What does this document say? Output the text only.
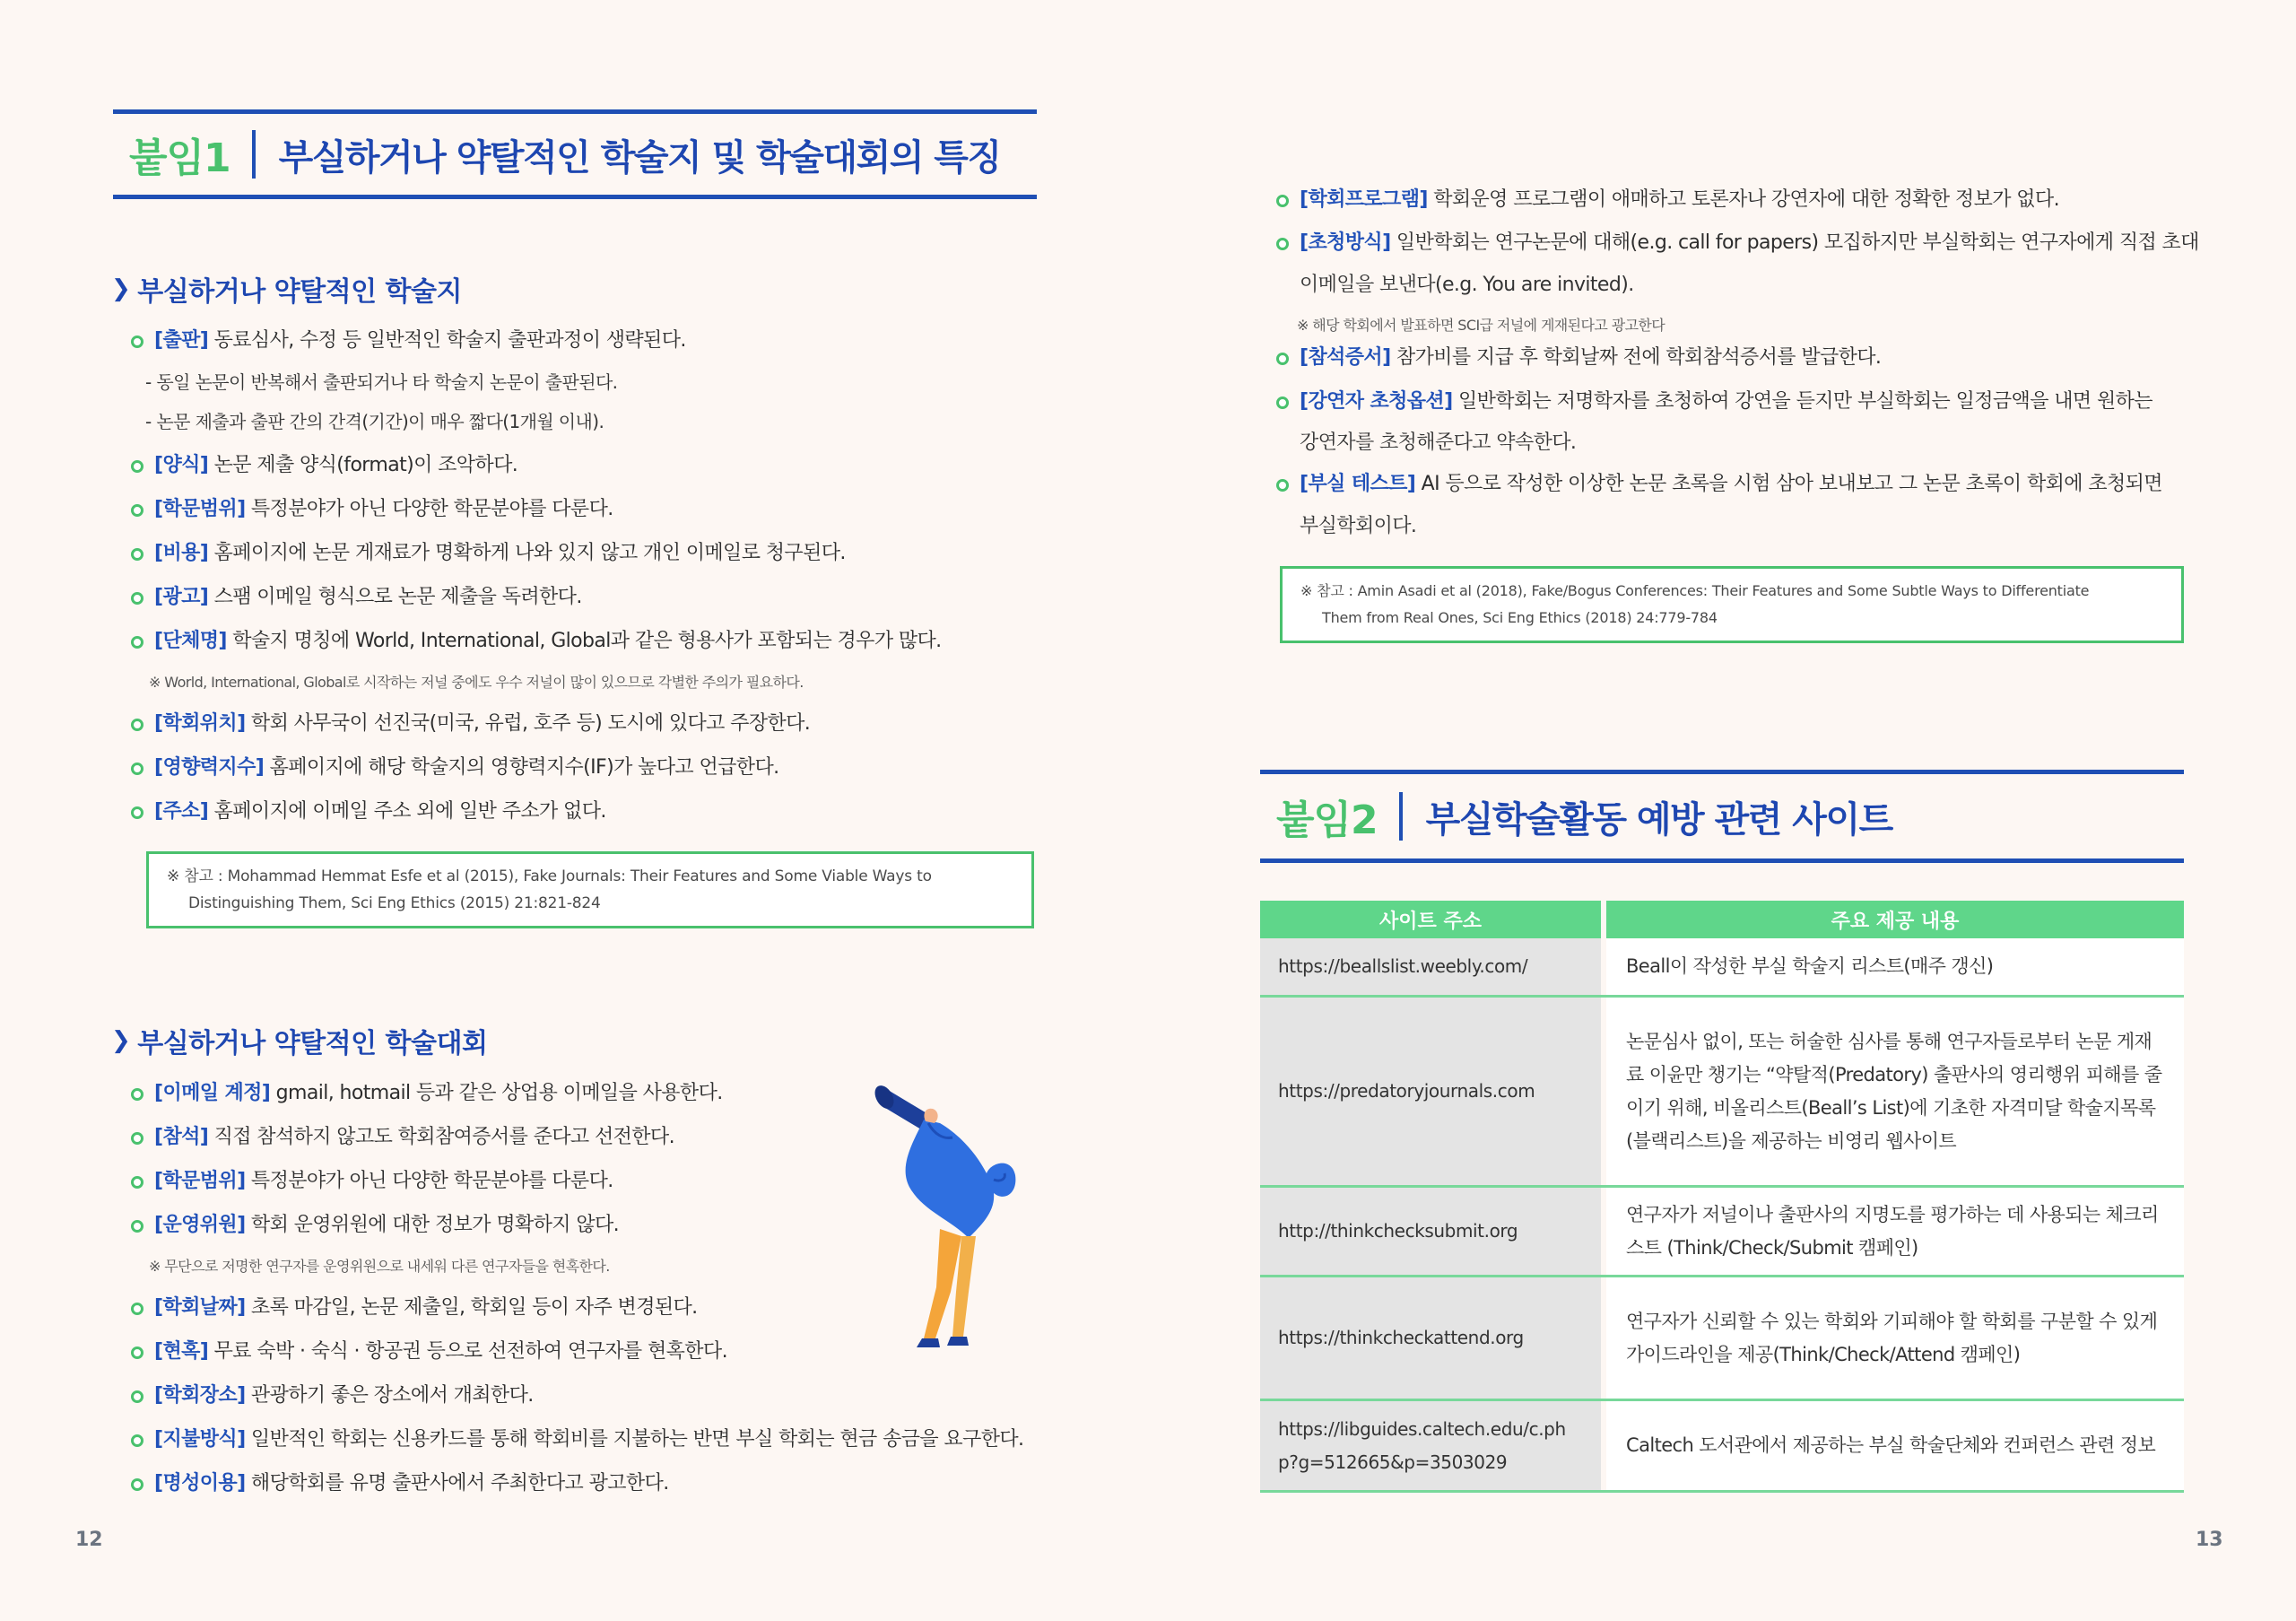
붙임1 부실하거나 약탈적인 학술지 및 학술대회의 특징
❯ 부실하거나 약탈적인 학술지
[출판] 동료심사, 수정 등 일반적인 학술지 출판과정이 생략된다.
- 동일 논문이 반복해서 출판되거나 타 학술지 논문이 출판된다.
- 논문 제출과 출판 간의 간격(기간)이 매우 짧다(1개월 이내).
[양식] 논문 제출 양식(format)이 조악하다.
[학문범위] 특정분야가 아닌 다양한 학문분야를 다룬다.
[비용] 홈페이지에 논문 게재료가 명확하게 나와 있지 않고 개인 이메일로 청구된다.
[광고] 스팸 이메일 형식으로 논문 제출을 독려한다.
[단체명] 학술지 명칭에 World, International, Global과 같은 형용사가 포함되는 경우가 많다.
※ World, International, Global로 시작하는 저널 중에도 우수 저널이 많이 있으므로 각별한 주의가 필요하다.
[학회위치] 학회 사무국이 선진국(미국, 유럽, 호주 등) 도시에 있다고 주장한다.
[영향력지수] 홈페이지에 해당 학술지의 영향력지수(IF)가 높다고 언급한다.
[주소] 홈페이지에 이메일 주소 외에 일반 주소가 없다.
※ 참고 : Mohammad Hemmat Esfe et al (2015), Fake Journals: Their Features and Some Viable Ways to
Distinguishing Them, Sci Eng Ethics (2015) 21:821-824
❯ 부실하거나 약탈적인 학술대회
[이메일 계정] gmail, hotmail 등과 같은 상업용 이메일을 사용한다.
[참석] 직접 참석하지 않고도 학회참여증서를 준다고 선전한다.
[학문범위] 특정분야가 아닌 다양한 학문분야를 다룬다.
[운영위원] 학회 운영위원에 대한 정보가 명확하지 않다.
※ 무단으로 저명한 연구자를 운영위원으로 내세워 다른 연구자들을 현혹한다.
[학회날짜] 초록 마감일, 논문 제출일, 학회일 등이 자주 변경된다.
[현혹] 무료 숙박 · 숙식 · 항공권 등으로 선전하여 연구자를 현혹한다.
[학회장소] 관광하기 좋은 장소에서 개최한다.
[지불방식] 일반적인 학회는 신용카드를 통해 학회비를 지불하는 반면 부실 학회는 현금 송금을 요구한다.
[명성이용] 해당학회를 유명 출판사에서 주최한다고 광고한다.
12
[학회프로그램] 학회운영 프로그램이 애매하고 토론자나 강연자에 대한 정확한 정보가 없다.
[초청방식] 일반학회는 연구논문에 대해(e.g. call for papers) 모집하지만 부실학회는 연구자에게 직접 초대
이메일을 보낸다(e.g. You are invited).
※ 해당 학회에서 발표하면 SCI급 저널에 게재된다고 광고한다
[참석증서] 참가비를 지급 후 학회날짜 전에 학회참석증서를 발급한다.
[강연자 초청옵션] 일반학회는 저명학자를 초청하여 강연을 듣지만 부실학회는 일정금액을 내면 원하는
강연자를 초청해준다고 약속한다.
[부실 테스트] AI 등으로 작성한 이상한 논문 초록을 시험 삼아 보내보고 그 논문 초록이 학회에 초청되면
부실학회이다.
※ 참고 : Amin Asadi et al (2018), Fake/Bogus Conferences: Their Features and Some Subtle Ways to Differentiate
Them from Real Ones, Sci Eng Ethics (2018) 24:779-784
붙임2 부실학술활동 예방 관련 사이트
사이트 주소	주요 제공 내용
https://beallslist.weebly.com/	Beall이 작성한 부실 학술지 리스트(매주 갱신)
https://predatoryjournals.com
논문심사 없이, 또는 허술한 심사를 통해 연구자들로부터 논문 게재료 이윤만 챙기는 “약탈적(Predatory) 출판사의 영리행위 피해를 줄이기 위해, 비올리스트(Beall’s List)에 기초한 자격미달 학술지목록(블랙리스트)을 제공하는 비영리 웹사이트
http://thinkchecksubmit.org
연구자가 저널이나 출판사의 지명도를 평가하는 데 사용되는 체크리스트 (Think/Check/Submit 캠페인)
https://thinkcheckattend.org
연구자가 신뢰할 수 있는 학회와 기피해야 할 학회를 구분할 수 있게 가이드라인을 제공(Think/Check/Attend 캠페인)
https://libguides.caltech.edu/c.php?g=512665&p=3503029
Caltech 도서관에서 제공하는 부실 학술단체와 컨퍼런스 관련 정보
13
